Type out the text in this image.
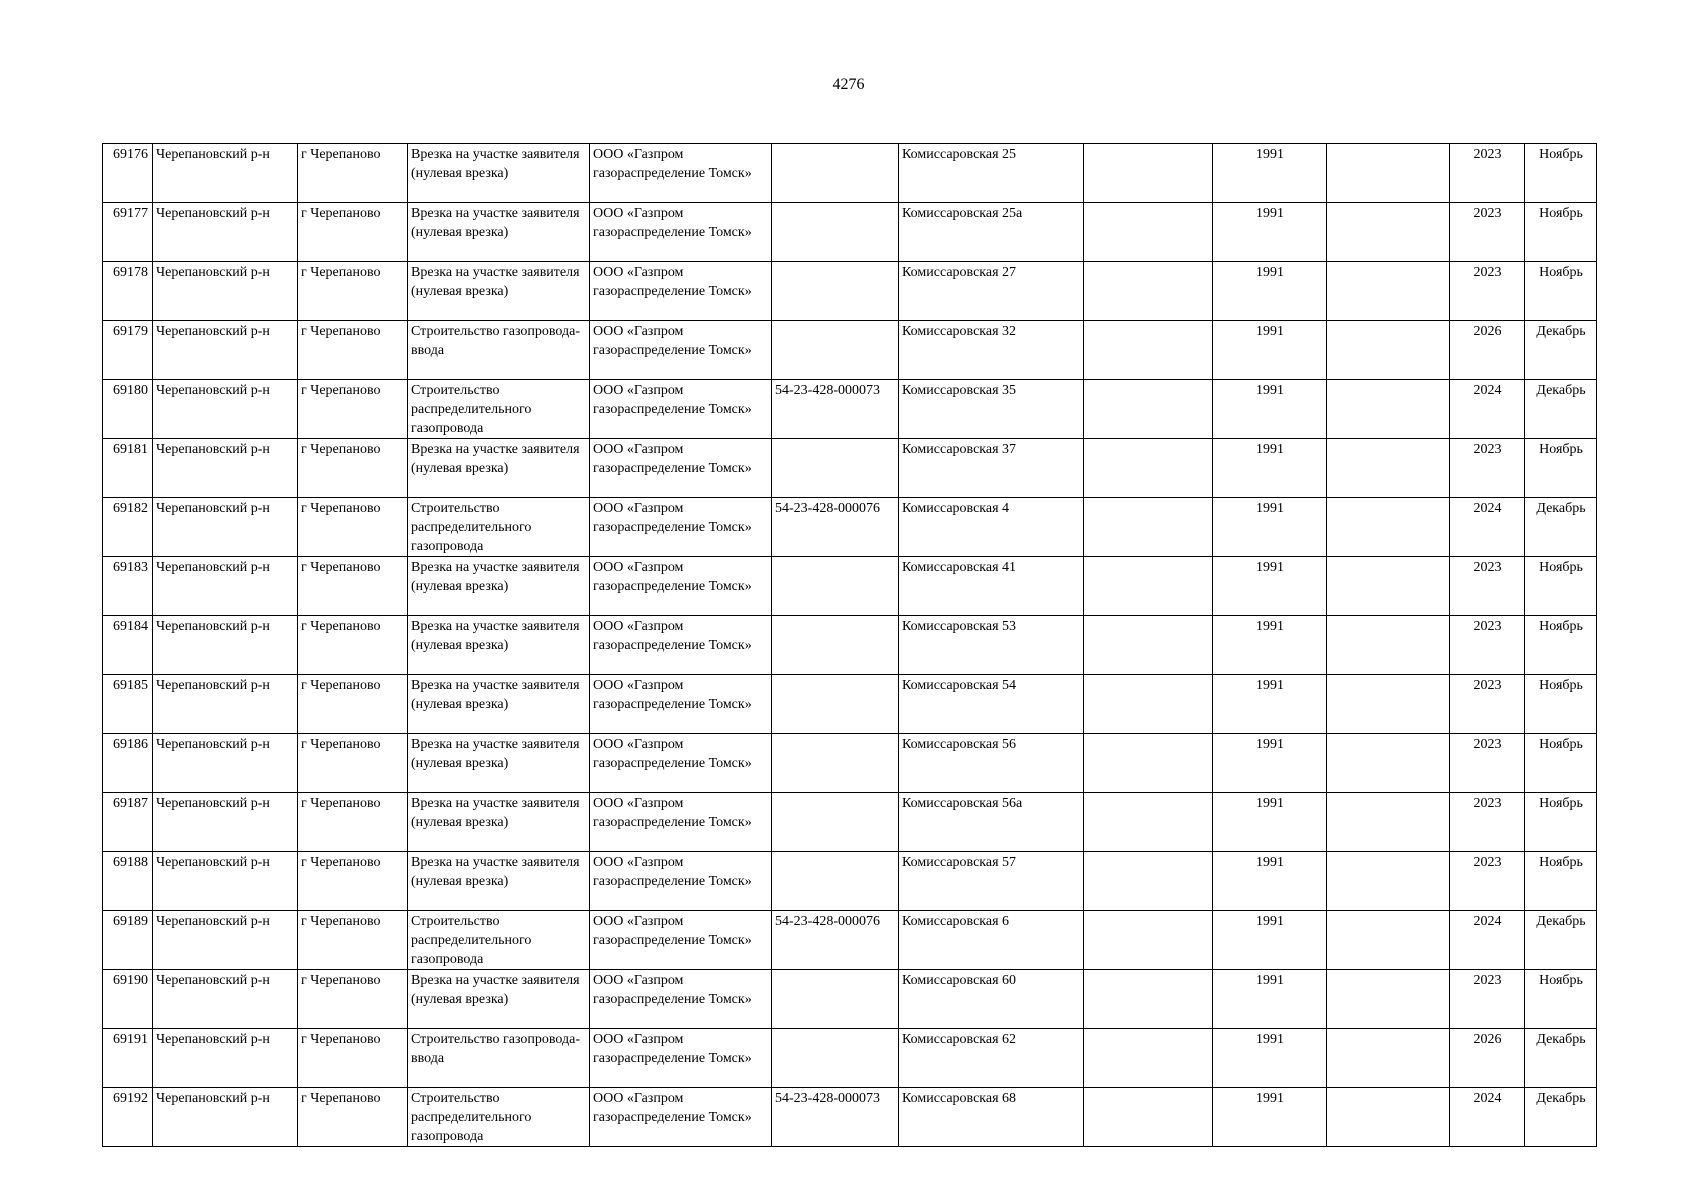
4276
69176	Черепановский р-н	г Черепаново	Врезка на участке заявителя (нулевая врезка)	ООО «Газпром газораспределение Томск»		Комиссаровская 25		1991		2023	Ноябрь
69177	Черепановский р-н	г Черепаново	Врезка на участке заявителя (нулевая врезка)	ООО «Газпром газораспределение Томск»		Комиссаровская 25а		1991		2023	Ноябрь
69178	Черепановский р-н	г Черепаново	Врезка на участке заявителя (нулевая врезка)	ООО «Газпром газораспределение Томск»		Комиссаровская 27		1991		2023	Ноябрь
69179	Черепановский р-н	г Черепаново	Строительство газопровода-ввода	ООО «Газпром газораспределение Томск»		Комиссаровская 32		1991		2026	Декабрь
69180	Черепановский р-н	г Черепаново	Строительство распределительного газопровода	ООО «Газпром газораспределение Томск»	54-23-428-000073	Комиссаровская 35		1991		2024	Декабрь
69181	Черепановский р-н	г Черепаново	Врезка на участке заявителя (нулевая врезка)	ООО «Газпром газораспределение Томск»		Комиссаровская 37		1991		2023	Ноябрь
69182	Черепановский р-н	г Черепаново	Строительство распределительного газопровода	ООО «Газпром газораспределение Томск»	54-23-428-000076	Комиссаровская 4		1991		2024	Декабрь
69183	Черепановский р-н	г Черепаново	Врезка на участке заявителя (нулевая врезка)	ООО «Газпром газораспределение Томск»		Комиссаровская 41		1991		2023	Ноябрь
69184	Черепановский р-н	г Черепаново	Врезка на участке заявителя (нулевая врезка)	ООО «Газпром газораспределение Томск»		Комиссаровская 53		1991		2023	Ноябрь
69185	Черепановский р-н	г Черепаново	Врезка на участке заявителя (нулевая врезка)	ООО «Газпром газораспределение Томск»		Комиссаровская 54		1991		2023	Ноябрь
69186	Черепановский р-н	г Черепаново	Врезка на участке заявителя (нулевая врезка)	ООО «Газпром газораспределение Томск»		Комиссаровская 56		1991		2023	Ноябрь
69187	Черепановский р-н	г Черепаново	Врезка на участке заявителя (нулевая врезка)	ООО «Газпром газораспределение Томск»		Комиссаровская 56а		1991		2023	Ноябрь
69188	Черепановский р-н	г Черепаново	Врезка на участке заявителя (нулевая врезка)	ООО «Газпром газораспределение Томск»		Комиссаровская 57		1991		2023	Ноябрь
69189	Черепановский р-н	г Черепаново	Строительство распределительного газопровода	ООО «Газпром газораспределение Томск»	54-23-428-000076	Комиссаровская 6		1991		2024	Декабрь
69190	Черепановский р-н	г Черепаново	Врезка на участке заявителя (нулевая врезка)	ООО «Газпром газораспределение Томск»		Комиссаровская 60		1991		2023	Ноябрь
69191	Черепановский р-н	г Черепаново	Строительство газопровода-ввода	ООО «Газпром газораспределение Томск»		Комиссаровская 62		1991		2026	Декабрь
69192	Черепановский р-н	г Черепаново	Строительство распределительного газопровода	ООО «Газпром газораспределение Томск»	54-23-428-000073	Комиссаровская 68		1991		2024	Декабрь
